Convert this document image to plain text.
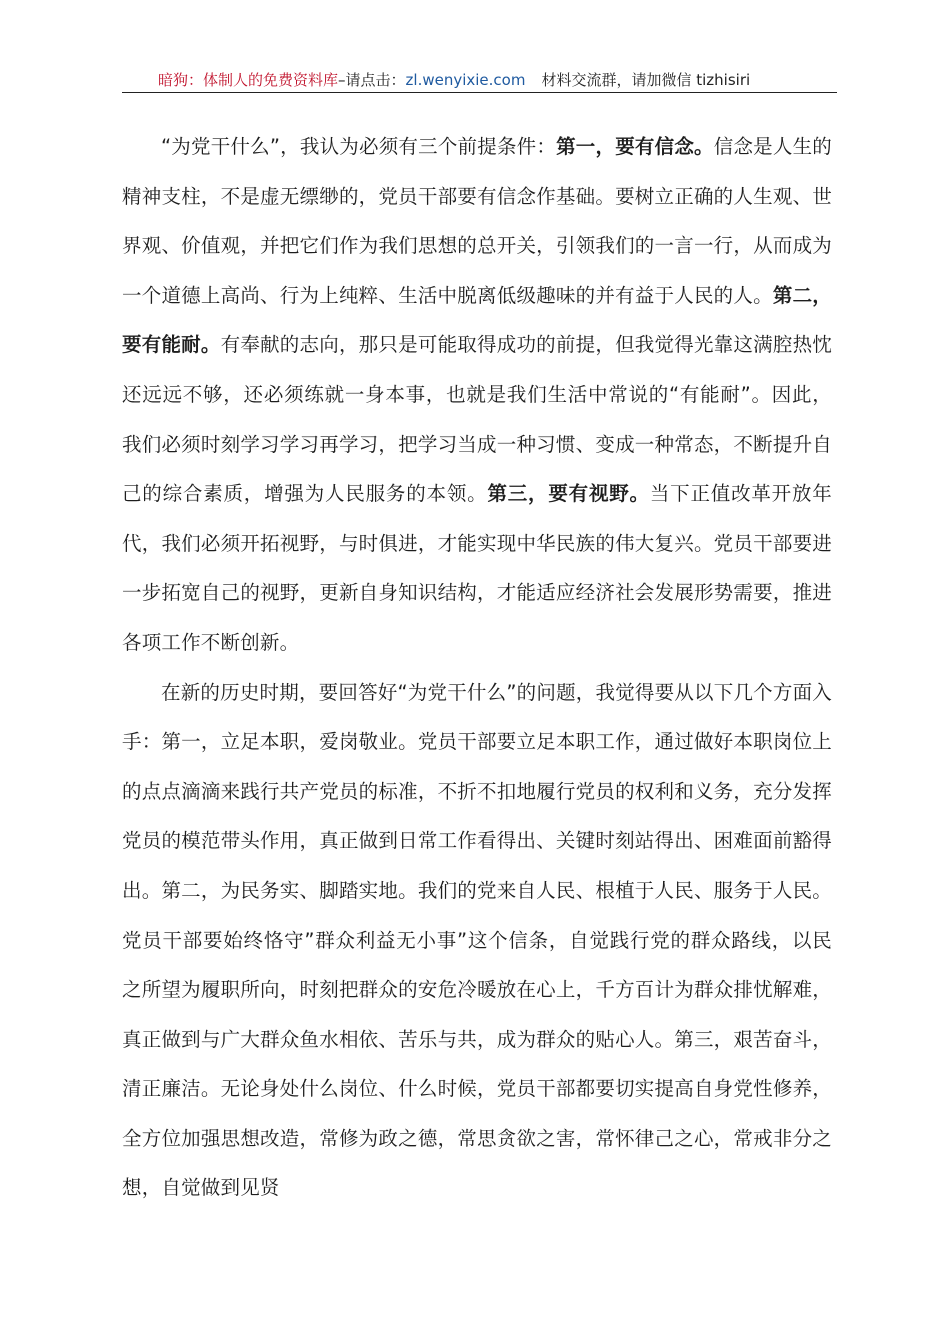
暗狗：体制人的免费资料库–请点击：zl.wenyixie.com 材料交流群，请加微信 tizhisiri

“为党干什么”，我认为必须有三个前提条件：第一，要有信念。信念是人生的精神支柱，不是虚无缥缈的，党员干部要有信念作基础。要树立正确的人生观、世界观、价值观，并把它们作为我们思想的总开关，引领我们的一言一行，从而成为一个道德上高尚、行为上纯粹、生活中脱离低级趣味的并有益于人民的人。第二，要有能耐。有奉献的志向，那只是可能取得成功的前提，但我觉得光靠这满腔热忱还远远不够，还必须练就一身本事，也就是我们生活中常说的“有能耐”。因此，我们必须时刻学习学习再学习，把学习当成一种习惯、变成一种常态，不断提升自己的综合素质，增强为人民服务的本领。第三，要有视野。当下正值改革开放年代，我们必须开拓视野，与时俱进，才能实现中华民族的伟大复兴。党员干部要进一步拓宽自己的视野，更新自身知识结构，才能适应经济社会发展形势需要，推进各项工作不断创新。

在新的历史时期，要回答好“为党干什么”的问题，我觉得要从以下几个方面入手：第一，立足本职，爱岗敬业。党员干部要立足本职工作，通过做好本职岗位上的点点滴滴来践行共产党员的标准，不折不扣地履行党员的权利和义务，充分发挥党员的模范带头作用，真正做到日常工作看得出、关键时刻站得出、困难面前豁得出。第二，为民务实、脚踏实地。我们的党来自人民、根植于人民、服务于人民。党员干部要始终恪守”群众利益无小事”这个信条，自觉践行党的群众路线，以民之所望为履职所向，时刻把群众的安危冷暖放在心上，千方百计为群众排忧解难，真正做到与广大群众鱼水相依、苦乐与共，成为群众的贴心人。第三，艰苦奋斗，清正廉洁。无论身处什么岗位、什么时候，党员干部都要切实提高自身党性修养，全方位加强思想改造，常修为政之德，常思贪欲之害，常怀律己之心，常戒非分之想，自觉做到见贤
